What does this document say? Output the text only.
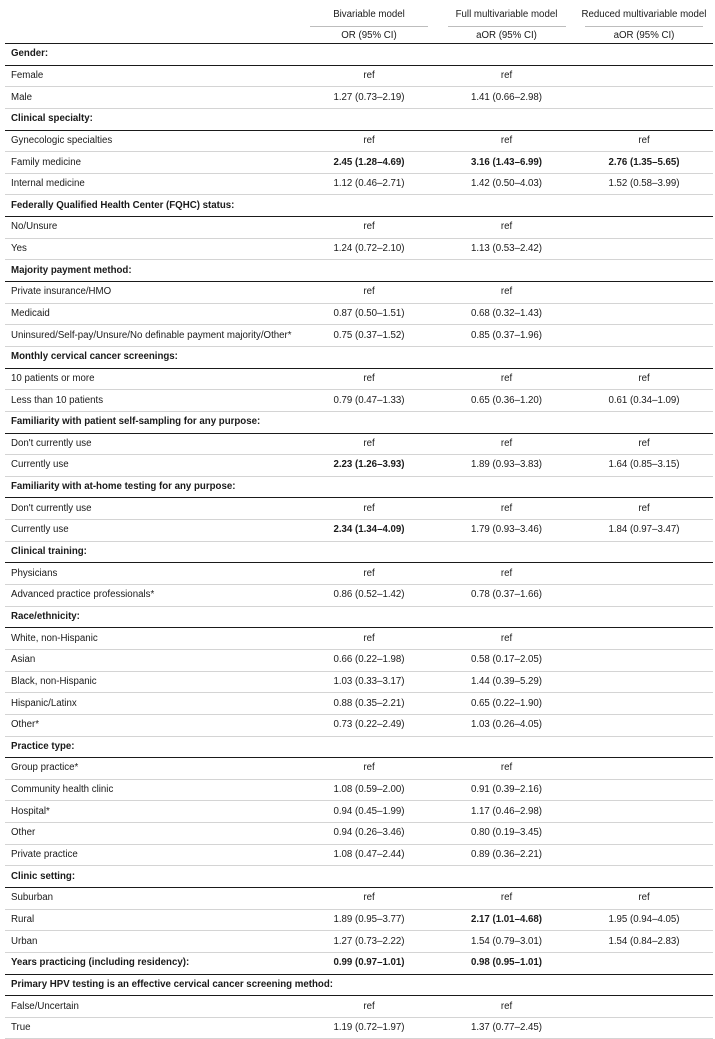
	Bivariable model	Full multivariable model	Reduced multivariable model
	OR (95% CI)	aOR (95% CI)	aOR (95% CI)
Gender:			
Female	ref	ref	
Male	1.27 (0.73–2.19)	1.41 (0.66–2.98)	
Clinical specialty:			
Gynecologic specialties	ref	ref	ref
Family medicine	2.45 (1.28–4.69)	3.16 (1.43–6.99)	2.76 (1.35–5.65)
Internal medicine	1.12 (0.46–2.71)	1.42 (0.50–4.03)	1.52 (0.58–3.99)
Federally Qualified Health Center (FQHC) status:			
No/Unsure	ref	ref	
Yes	1.24 (0.72–2.10)	1.13 (0.53–2.42)	
Majority payment method:			
Private insurance/HMO	ref	ref	
Medicaid	0.87 (0.50–1.51)	0.68 (0.32–1.43)	
Uninsured/Self-pay/Unsure/No definable payment majority/Other*	0.75 (0.37–1.52)	0.85 (0.37–1.96)	
Monthly cervical cancer screenings:			
10 patients or more	ref	ref	ref
Less than 10 patients	0.79 (0.47–1.33)	0.65 (0.36–1.20)	0.61 (0.34–1.09)
Familiarity with patient self-sampling for any purpose:			
Don't currently use	ref	ref	ref
Currently use	2.23 (1.26–3.93)	1.89 (0.93–3.83)	1.64 (0.85–3.15)
Familiarity with at-home testing for any purpose:			
Don't currently use	ref	ref	ref
Currently use	2.34 (1.34–4.09)	1.79 (0.93–3.46)	1.84 (0.97–3.47)
Clinical training:			
Physicians	ref	ref	
Advanced practice professionals*	0.86 (0.52–1.42)	0.78 (0.37–1.66)	
Race/ethnicity:			
White, non-Hispanic	ref	ref	
Asian	0.66 (0.22–1.98)	0.58 (0.17–2.05)	
Black, non-Hispanic	1.03 (0.33–3.17)	1.44 (0.39–5.29)	
Hispanic/Latinx	0.88 (0.35–2.21)	0.65 (0.22–1.90)	
Other*	0.73 (0.22–2.49)	1.03 (0.26–4.05)	
Practice type:			
Group practice*	ref	ref	
Community health clinic	1.08 (0.59–2.00)	0.91 (0.39–2.16)	
Hospital*	0.94 (0.45–1.99)	1.17 (0.46–2.98)	
Other	0.94 (0.26–3.46)	0.80 (0.19–3.45)	
Private practice	1.08 (0.47–2.44)	0.89 (0.36–2.21)	
Clinic setting:			
Suburban	ref	ref	ref
Rural	1.89 (0.95–3.77)	2.17 (1.01–4.68)	1.95 (0.94–4.05)
Urban	1.27 (0.73–2.22)	1.54 (0.79–3.01)	1.54 (0.84–2.83)
Years practicing (including residency):	0.99 (0.97–1.01)	0.98 (0.95–1.01)	
Primary HPV testing is an effective cervical cancer screening method:			
False/Uncertain	ref	ref	
True	1.19 (0.72–1.97)	1.37 (0.77–2.45)	
